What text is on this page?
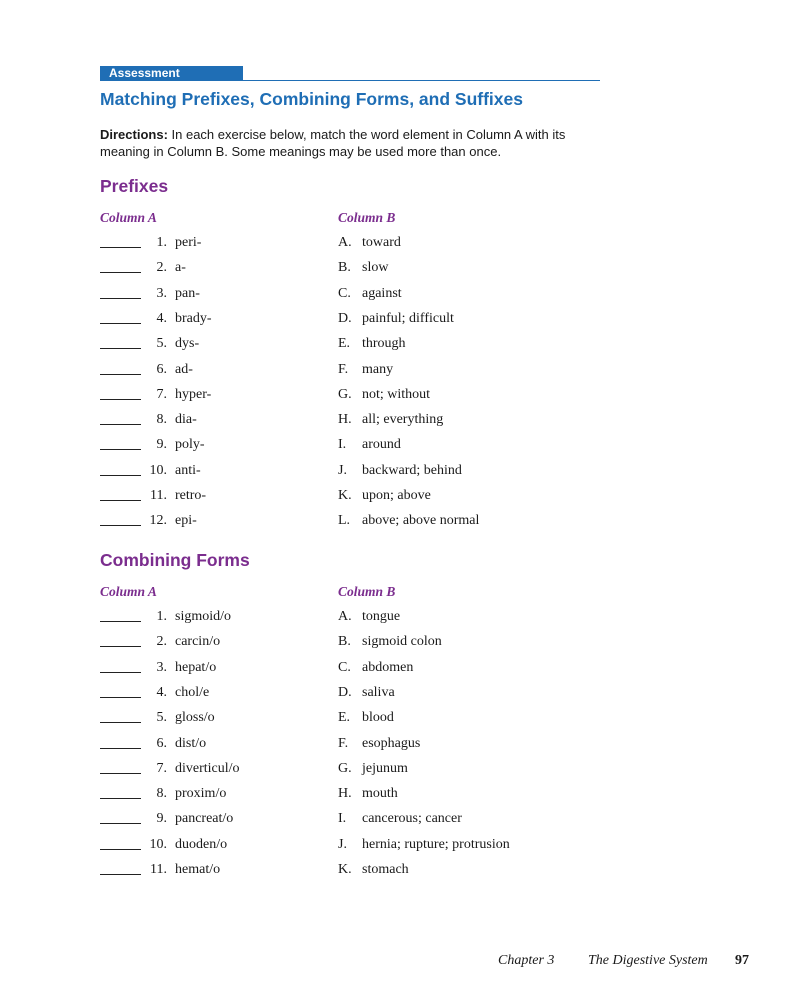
Assessment
Matching Prefixes, Combining Forms, and Suffixes

Directions: In each exercise below, match the word element in Column A with its meaning in Column B. Some meanings may be used more than once.

Prefixes
Column A	Column B
1. peri-	A. toward
2. a-	B. slow
3. pan-	C. against
4. brady-	D. painful; difficult
5. dys-	E. through
6. ad-	F. many
7. hyper-	G. not; without
8. dia-	H. all; everything
9. poly-	I. around
10. anti-	J. backward; behind
11. retro-	K. upon; above
12. epi-	L. above; above normal
Combining Forms
Column A	Column B
1. sigmoid/o	A. tongue
2. carcin/o	B. sigmoid colon
3. hepat/o	C. abdomen
4. chol/e	D. saliva
5. gloss/o	E. blood
6. dist/o	F. esophagus
7. diverticul/o	G. jejunum
8. proxim/o	H. mouth
9. pancreat/o	I. cancerous; cancer
10. duoden/o	J. hernia; rupture; protrusion
11. hemat/o	K. stomach
Chapter 3 The Digestive System 97
